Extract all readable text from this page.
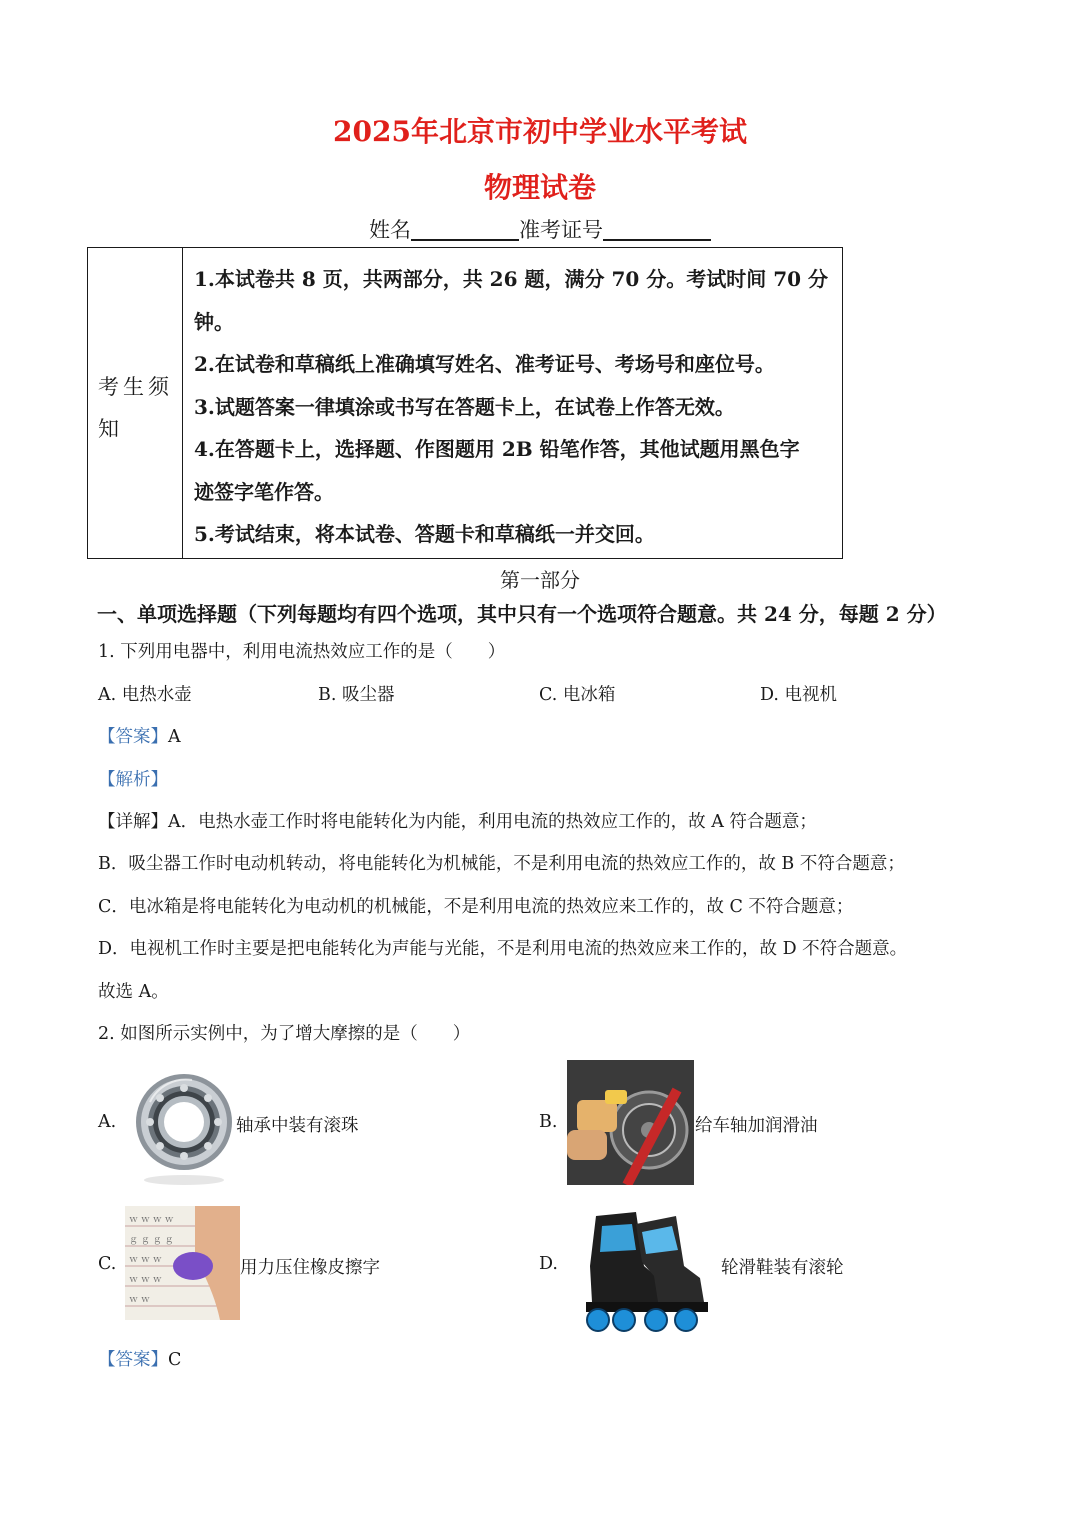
2025年北京市初中学业水平考试
物理试卷
姓名	准考证号
考生须知
1.本试卷共 8 页，共两部分，共 26 题，满分 70 分。考试时间 70 分
钟。
2.在试卷和草稿纸上准确填写姓名、准考证号、考场号和座位号。
3.试题答案一律填涂或书写在答题卡上，在试卷上作答无效。
4.在答题卡上，选择题、作图题用 2B 铅笔作答，其他试题用黑色字
迹签字笔作答。
5.考试结束，将本试卷、答题卡和草稿纸一并交回。
第一部分
一、单项选择题（下列每题均有四个选项，其中只有一个选项符合题意。共 24 分，每题 2 分）
1. 下列用电器中，利用电流热效应工作的是（　　）
A. 电热水壶	B. 吸尘器	C. 电冰箱	D. 电视机
【答案】A
【解析】
【详解】A．电热水壶工作时将电能转化为内能，利用电流的热效应工作的，故 A 符合题意；
B．吸尘器工作时电动机转动，将电能转化为机械能，不是利用电流的热效应工作的，故 B 不符合题意；
C．电冰箱是将电能转化为电动机的机械能，不是利用电流的热效应来工作的，故 C 不符合题意；
D．电视机工作时主要是把电能转化为声能与光能，不是利用电流的热效应来工作的，故 D 不符合题意。
故选 A。
2. 如图所示实例中，为了增大摩擦的是（　　）
A.	轴承中装有滚珠	B.	给车轴加润滑油
C.
ｗ ｗ ｗ ｗ
ｇ ｇ ｇ ｇ
ｗ ｗ ｗ
ｗ ｗ ｗ
ｗ ｗ
用力压住橡皮擦字	D.	轮滑鞋装有滚轮
【答案】C
